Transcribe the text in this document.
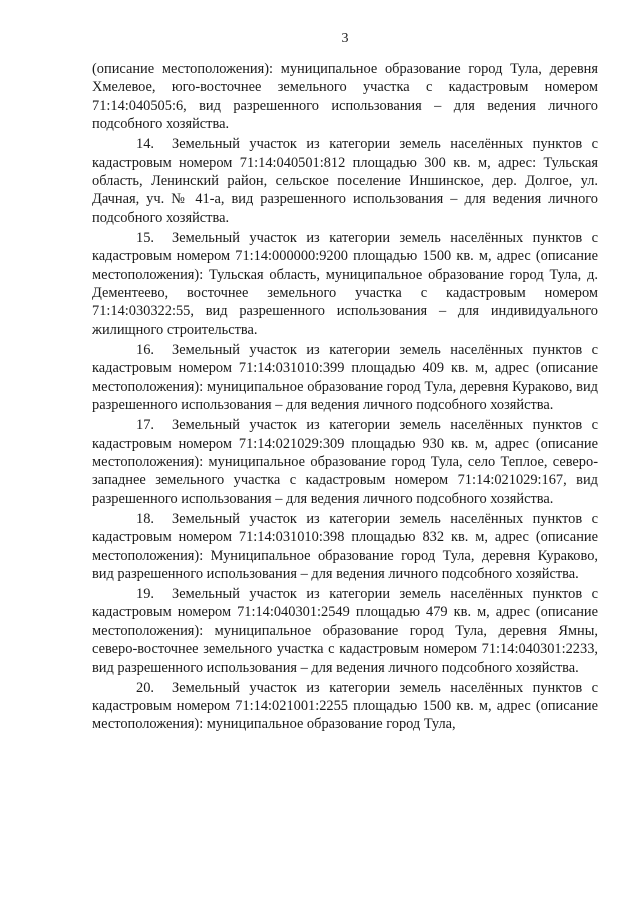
3

(описание местоположения): муниципальное образование город Тула, деревня Хмелевое, юго-восточнее земельного участка с кадастровым номером 71:14:040505:6, вид разрешенного использования – для ведения личного подсобного хозяйства.

14. Земельный участок из категории земель населённых пунктов с кадастровым номером 71:14:040501:812 площадью 300 кв. м, адрес: Тульская область, Ленинский район, сельское поселение Иншинское, дер. Долгое, ул. Дачная, уч. № 41-а, вид разрешенного использования – для ведения личного подсобного хозяйства.

15. Земельный участок из категории земель населённых пунктов с кадастровым номером 71:14:000000:9200 площадью 1500 кв. м, адрес (описание местоположения): Тульская область, муниципальное образование город Тула, д. Дементеево, восточнее земельного участка с кадастровым номером 71:14:030322:55, вид разрешенного использования – для индивидуального жилищного строительства.

16. Земельный участок из категории земель населённых пунктов с кадастровым номером 71:14:031010:399 площадью 409 кв. м, адрес (описание местоположения): муниципальное образование город Тула, деревня Кураково, вид разрешенного использования – для ведения личного подсобного хозяйства.

17. Земельный участок из категории земель населённых пунктов с кадастровым номером 71:14:021029:309 площадью 930 кв. м, адрес (описание местоположения): муниципальное образование город Тула, село Теплое, северо-западнее земельного участка с кадастровым номером 71:14:021029:167, вид разрешенного использования – для ведения личного подсобного хозяйства.

18. Земельный участок из категории земель населённых пунктов с кадастровым номером 71:14:031010:398 площадью 832 кв. м, адрес (описание местоположения): Муниципальное образование город Тула, деревня Кураково, вид разрешенного использования – для ведения личного подсобного хозяйства.

19. Земельный участок из категории земель населённых пунктов с кадастровым номером 71:14:040301:2549 площадью 479 кв. м, адрес (описание местоположения): муниципальное образование город Тула, деревня Ямны, северо-восточнее земельного участка с кадастровым номером 71:14:040301:2233, вид разрешенного использования – для ведения личного подсобного хозяйства.

20. Земельный участок из категории земель населённых пунктов с кадастровым номером 71:14:021001:2255 площадью 1500 кв. м, адрес (описание местоположения): муниципальное образование город Тула,
